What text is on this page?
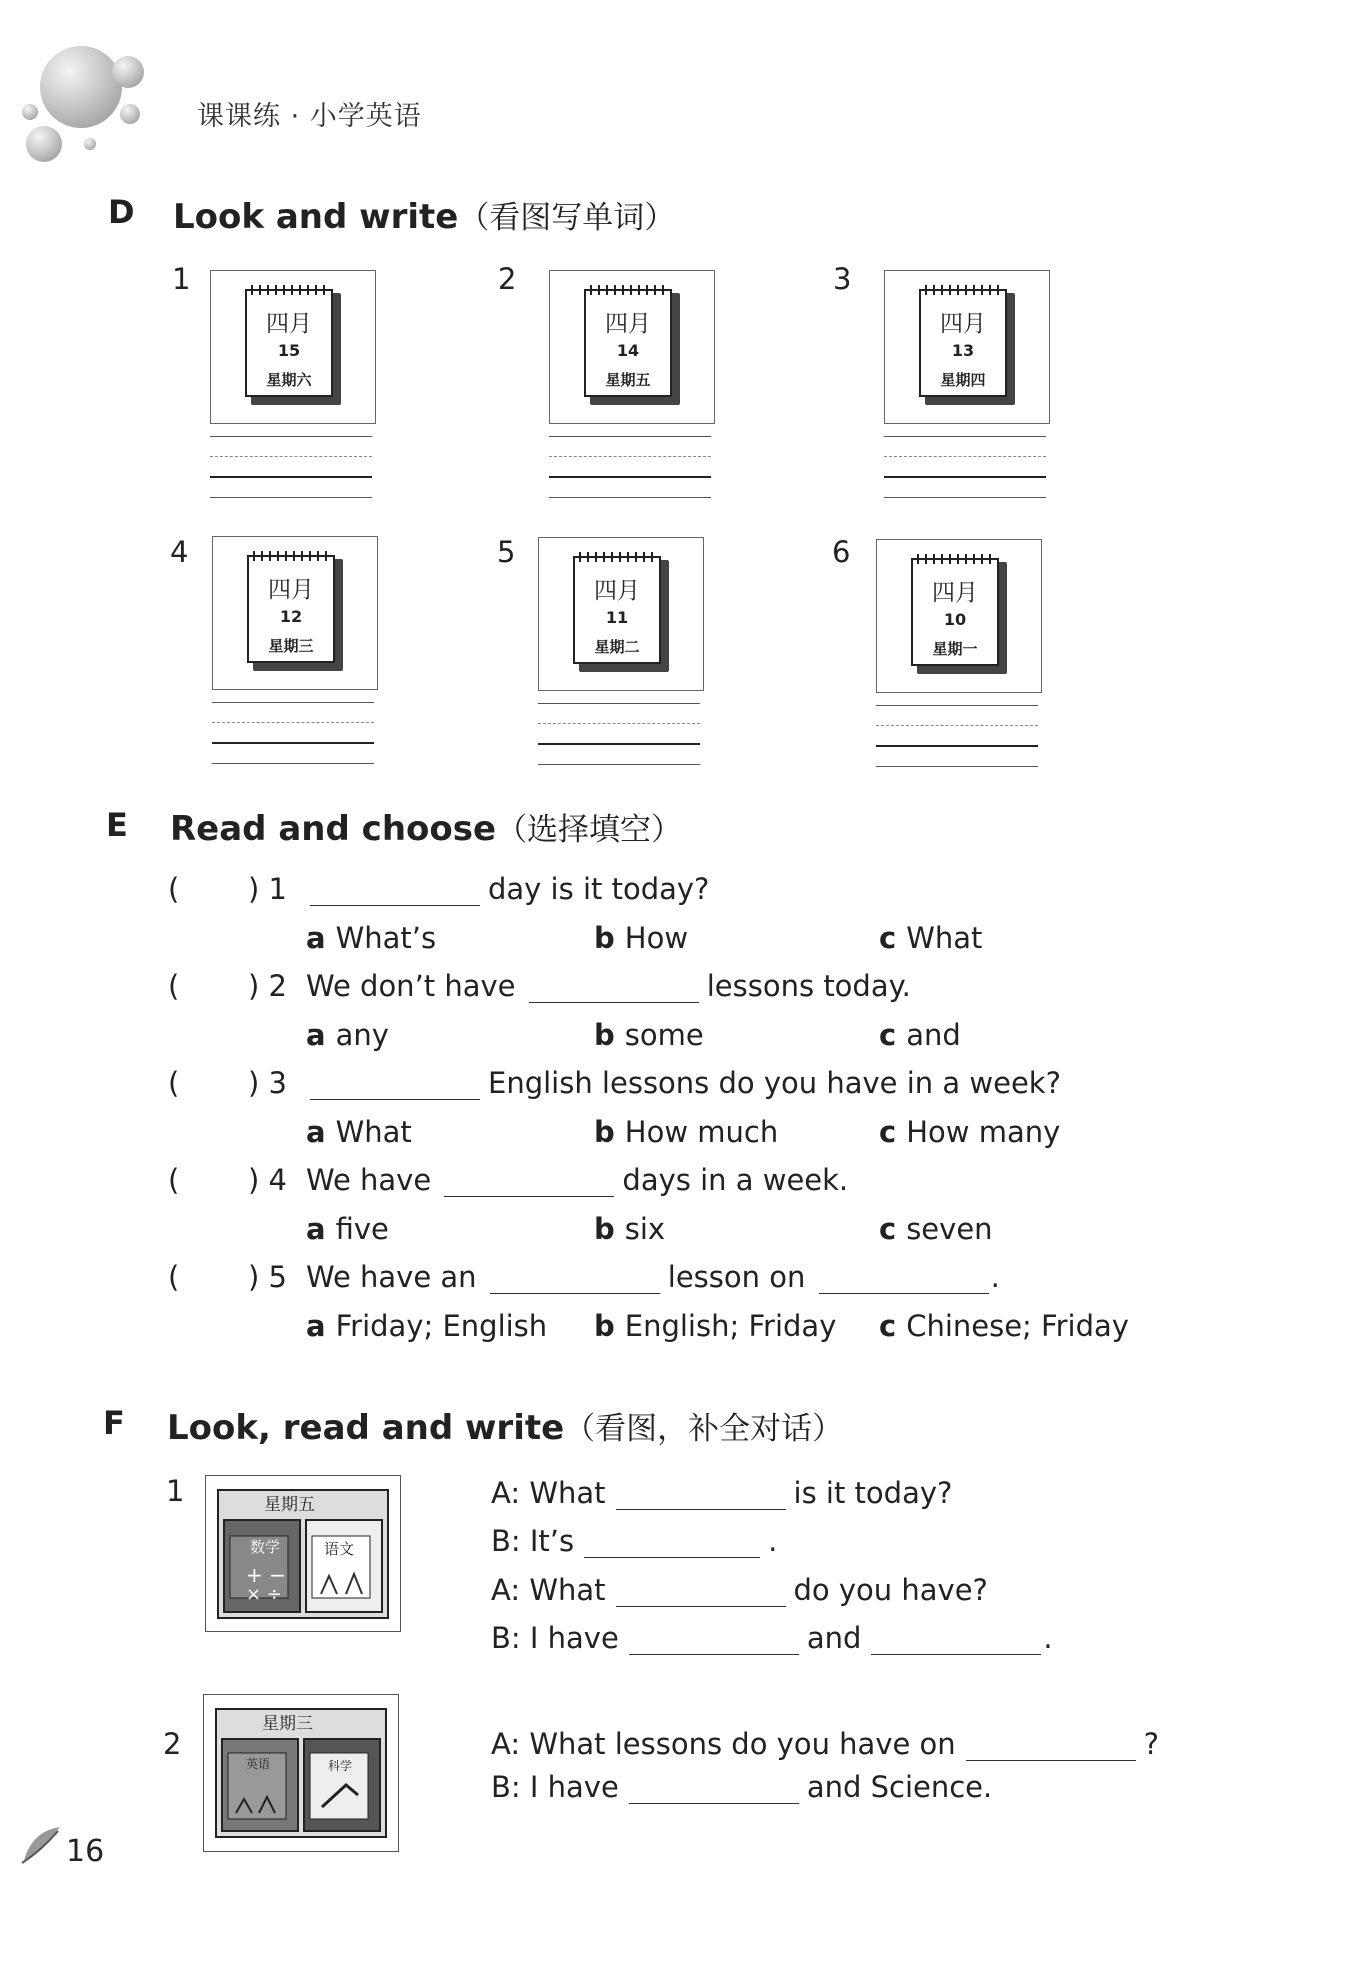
课课练 · 小学英语
D Look and write（看图写单词）
1
四月
15
星期六
2
四月
14
星期五
3
四月
13
星期四
4
四月
12
星期三
5
四月
11
星期二
6
四月
10
星期一
E Read and choose（选择填空）
( ) 1	day is it today?
a What’s	b How	c What
( ) 2 We don’t have	lessons today.
a any	b some	c and
( ) 3	English lessons do you have in a week?
a What	b How much	c How many
( ) 4 We have	days in a week.
a five	b six	c seven
( ) 5 We have an	lesson on	.
a Friday; English b English; Friday c Chinese; Friday
F Look, read and write（看图，补全对话）
1
+ −
× ÷
星期五
数学	语文
2
星期三
英语	科学
A: What	is it today?
B: It’s	.
A: What	do you have?
B: I have	and	.
A: What lessons do you have on	?
B: I have	and Science.
16
